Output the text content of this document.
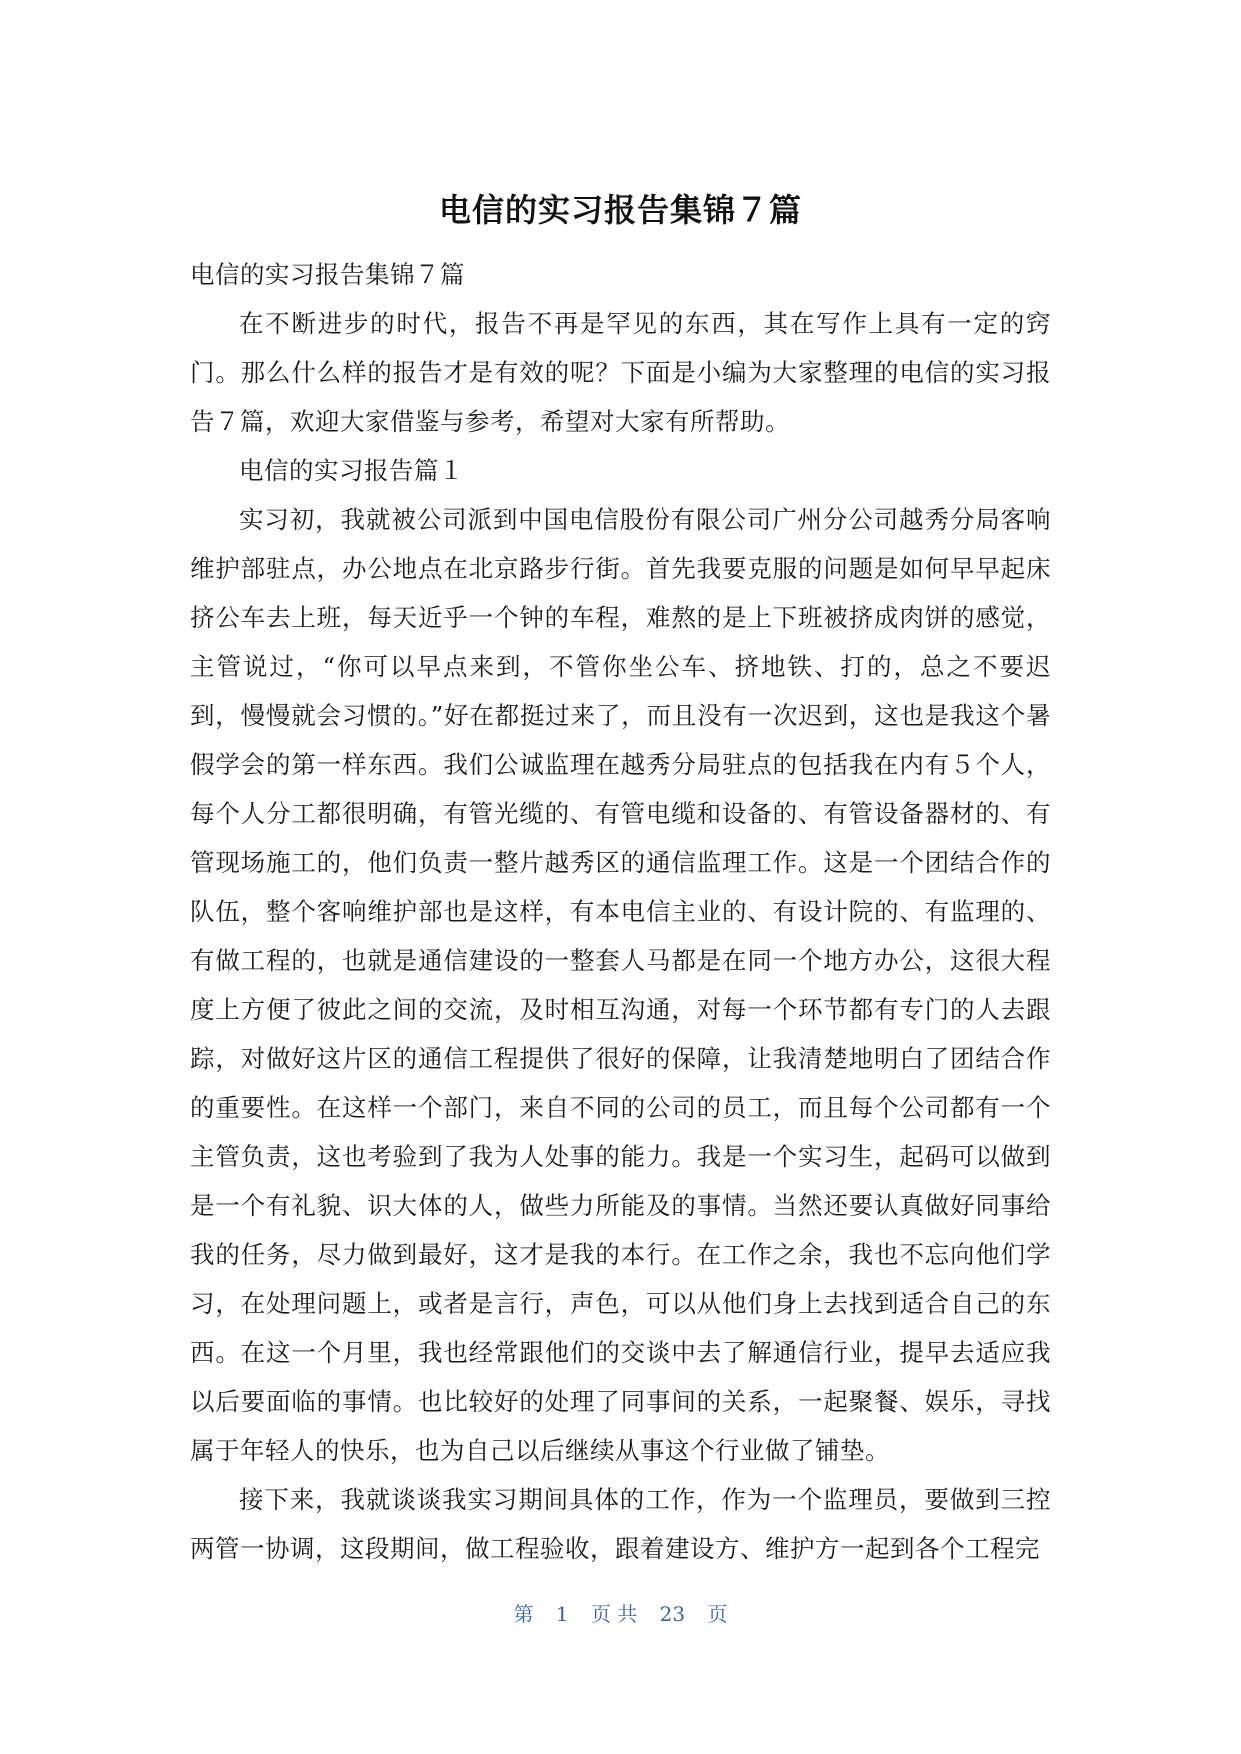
电信的实习报告集锦７篇

电信的实习报告集锦７篇

在不断进步的时代，报告不再是罕见的东西，其在写作上具有一定的窍门。那么什么样的报告才是有效的呢？下面是小编为大家整理的电信的实习报告７篇，欢迎大家借鉴与参考，希望对大家有所帮助。

电信的实习报告篇１

实习初，我就被公司派到中国电信股份有限公司广州分公司越秀分局客响维护部驻点，办公地点在北京路步行街。首先我要克服的问题是如何早早起床挤公车去上班，每天近乎一个钟的车程，难熬的是上下班被挤成肉饼的感觉，主管说过，“你可以早点来到，不管你坐公车、挤地铁、打的，总之不要迟到，慢慢就会习惯的。”好在都挺过来了，而且没有一次迟到，这也是我这个暑假学会的第一样东西。我们公诚监理在越秀分局驻点的包括我在内有５个人，每个人分工都很明确，有管光缆的、有管电缆和设备的、有管设备器材的、有管现场施工的，他们负责一整片越秀区的通信监理工作。这是一个团结合作的队伍，整个客响维护部也是这样，有本电信主业的、有设计院的、有监理的、有做工程的，也就是通信建设的一整套人马都是在同一个地方办公，这很大程度上方便了彼此之间的交流，及时相互沟通，对每一个环节都有专门的人去跟踪，对做好这片区的通信工程提供了很好的保障，让我清楚地明白了团结合作的重要性。在这样一个部门，来自不同的公司的员工，而且每个公司都有一个主管负责，这也考验到了我为人处事的能力。我是一个实习生，起码可以做到是一个有礼貌、识大体的人，做些力所能及的事情。当然还要认真做好同事给我的任务，尽力做到最好，这才是我的本行。在工作之余，我也不忘向他们学习，在处理问题上，或者是言行，声色，可以从他们身上去找到适合自己的东西。在这一个月里，我也经常跟他们的交谈中去了解通信行业，提早去适应我以后要面临的事情。也比较好的处理了同事间的关系，一起聚餐、娱乐，寻找属于年轻人的快乐，也为自己以后继续从事这个行业做了铺垫。

接下来，我就谈谈我实习期间具体的工作，作为一个监理员，要做到三控两管一协调，这段期间，做工程验收，跟着建设方、维护方一起到各个工程完

第 1 页 共 23 页
